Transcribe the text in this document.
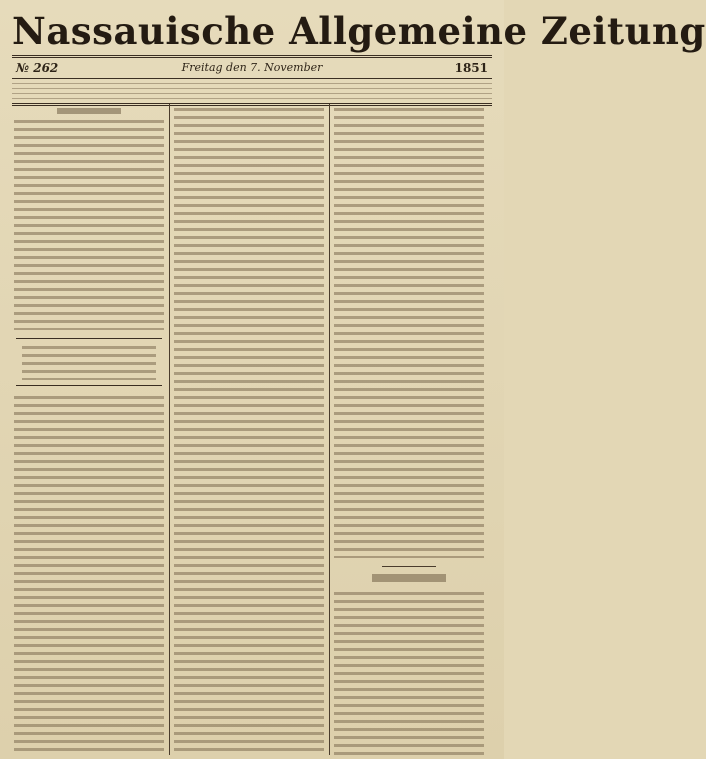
Nassauische Allgemeine Zeitung
№ 262	Freitag den 7. November	1851
